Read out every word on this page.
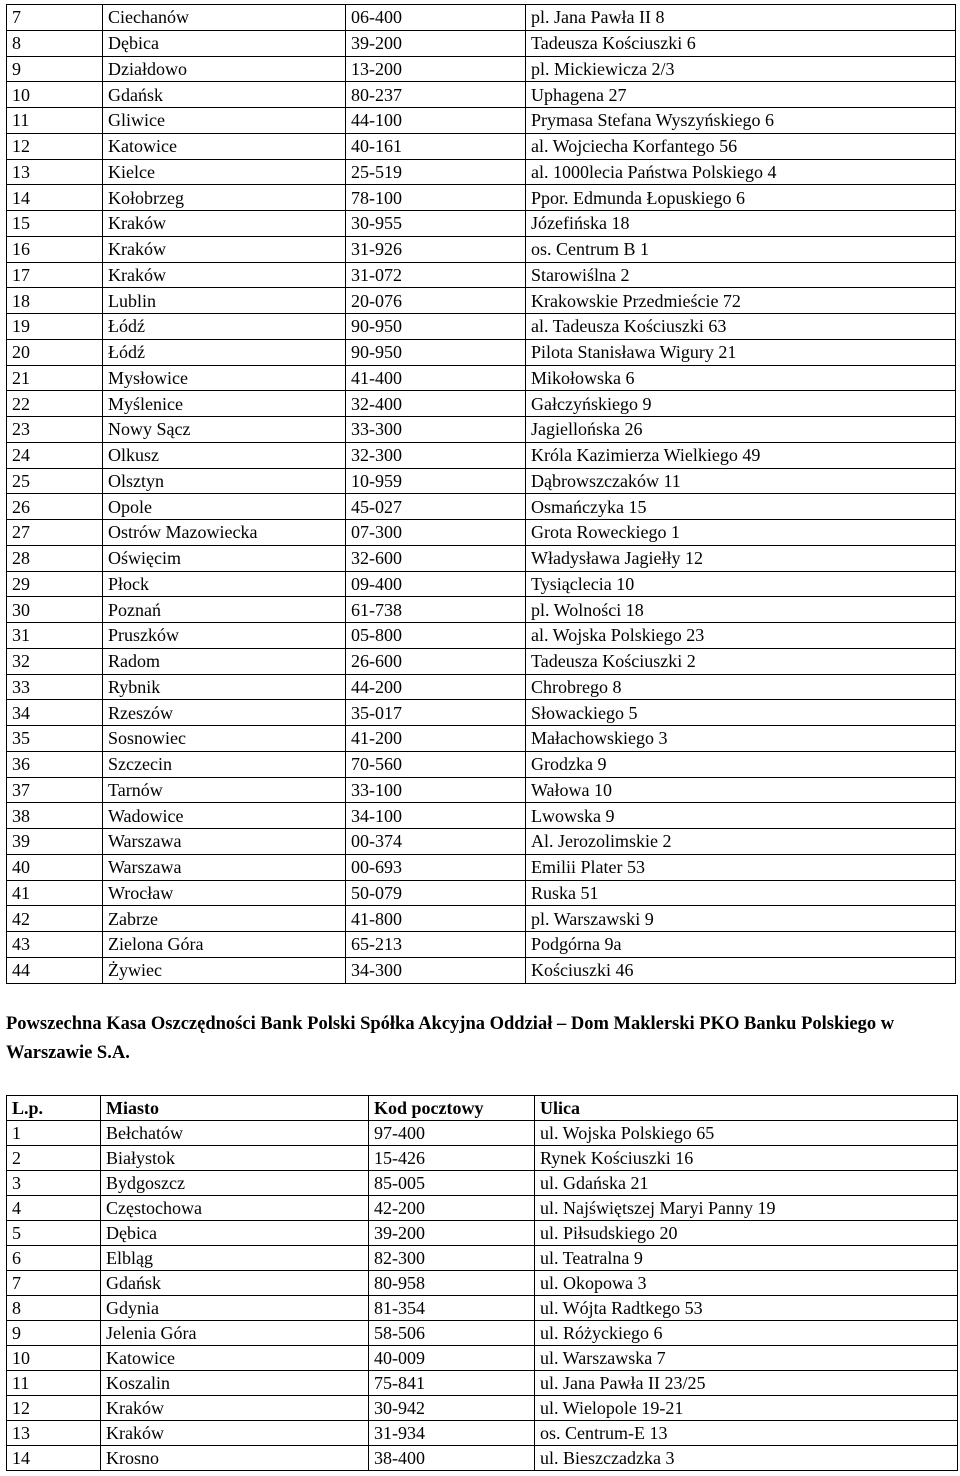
7	Ciechanów	06-400	pl. Jana Pawła II 8
8	Dębica	39-200	Tadeusza Kościuszki 6
9	Działdowo	13-200	pl. Mickiewicza 2/3
10	Gdańsk	80-237	Uphagena 27
11	Gliwice	44-100	Prymasa Stefana Wyszyńskiego 6
12	Katowice	40-161	al. Wojciecha Korfantego 56
13	Kielce	25-519	al. 1000lecia Państwa Polskiego 4
14	Kołobrzeg	78-100	Ppor. Edmunda Łopuskiego 6
15	Kraków	30-955	Józefińska 18
16	Kraków	31-926	os. Centrum B 1
17	Kraków	31-072	Starowiślna 2
18	Lublin	20-076	Krakowskie Przedmieście 72
19	Łódź	90-950	al. Tadeusza Kościuszki 63
20	Łódź	90-950	Pilota Stanisława Wigury 21
21	Mysłowice	41-400	Mikołowska 6
22	Myślenice	32-400	Gałczyńskiego 9
23	Nowy Sącz	33-300	Jagiellońska 26
24	Olkusz	32-300	Króla Kazimierza Wielkiego 49
25	Olsztyn	10-959	Dąbrowszczaków 11
26	Opole	45-027	Osmańczyka 15
27	Ostrów Mazowiecka	07-300	Grota Roweckiego 1
28	Oświęcim	32-600	Władysława Jagiełły 12
29	Płock	09-400	Tysiąclecia 10
30	Poznań	61-738	pl. Wolności 18
31	Pruszków	05-800	al. Wojska Polskiego 23
32	Radom	26-600	Tadeusza Kościuszki 2
33	Rybnik	44-200	Chrobrego 8
34	Rzeszów	35-017	Słowackiego 5
35	Sosnowiec	41-200	Małachowskiego 3
36	Szczecin	70-560	Grodzka 9
37	Tarnów	33-100	Wałowa 10
38	Wadowice	34-100	Lwowska 9
39	Warszawa	00-374	Al. Jerozolimskie 2
40	Warszawa	00-693	Emilii Plater 53
41	Wrocław	50-079	Ruska 51
42	Zabrze	41-800	pl. Warszawski 9
43	Zielona Góra	65-213	Podgórna 9a
44	Żywiec	34-300	Kościuszki 46
Powszechna Kasa Oszczędności Bank Polski Spółka Akcyjna Oddział – Dom Maklerski PKO Banku Polskiego w Warszawie S.A.
L.p.	Miasto	Kod pocztowy	Ulica
1	Bełchatów	97-400	ul. Wojska Polskiego 65
2	Białystok	15-426	Rynek Kościuszki 16
3	Bydgoszcz	85-005	ul. Gdańska 21
4	Częstochowa	42-200	ul. Najświętszej Maryi Panny 19
5	Dębica	39-200	ul. Piłsudskiego 20
6	Elbląg	82-300	ul. Teatralna 9
7	Gdańsk	80-958	ul. Okopowa 3
8	Gdynia	81-354	ul. Wójta Radtkego 53
9	Jelenia Góra	58-506	ul. Różyckiego 6
10	Katowice	40-009	ul. Warszawska 7
11	Koszalin	75-841	ul. Jana Pawła II 23/25
12	Kraków	30-942	ul. Wielopole 19-21
13	Kraków	31-934	os. Centrum-E 13
14	Krosno	38-400	ul. Bieszczadzka 3
